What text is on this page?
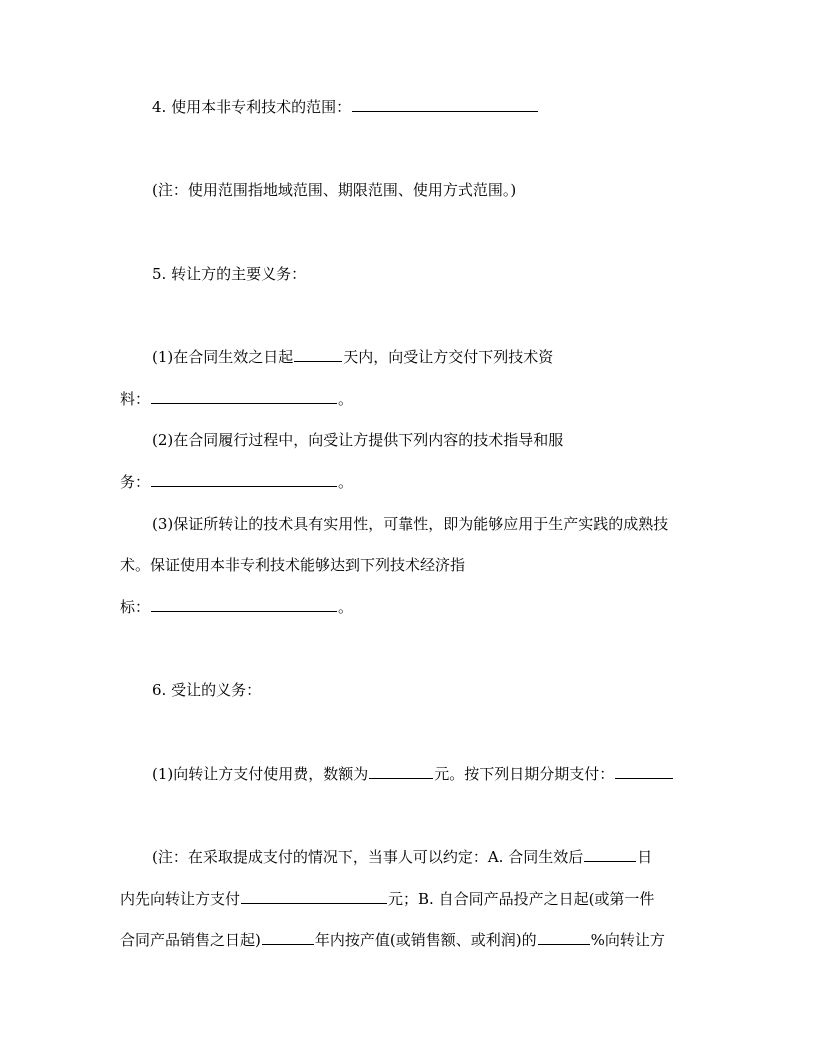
4. 使用本非专利技术的范围：
(注：使用范围指地域范围、期限范围、使用方式范围。)
5. 转让方的主要义务：
(1)在合同生效之日起	天内，向受让方交付下列技术资
料：	。
(2)在合同履行过程中，向受让方提供下列内容的技术指导和服
务：	。
(3)保证所转让的技术具有实用性，可靠性，即为能够应用于生产实践的成熟技
术。保证使用本非专利技术能够达到下列技术经济指
标：	。
6. 受让的义务：
(1)向转让方支付使用费，数额为	元。按下列日期分期支付：
(注：在采取提成支付的情况下，当事人可以约定：A. 合同生效后	日
内先向转让方支付	元；B. 自合同产品投产之日起(或第一件
合同产品销售之日起)	年内按产值(或销售额、或利润)的	%向转让方
